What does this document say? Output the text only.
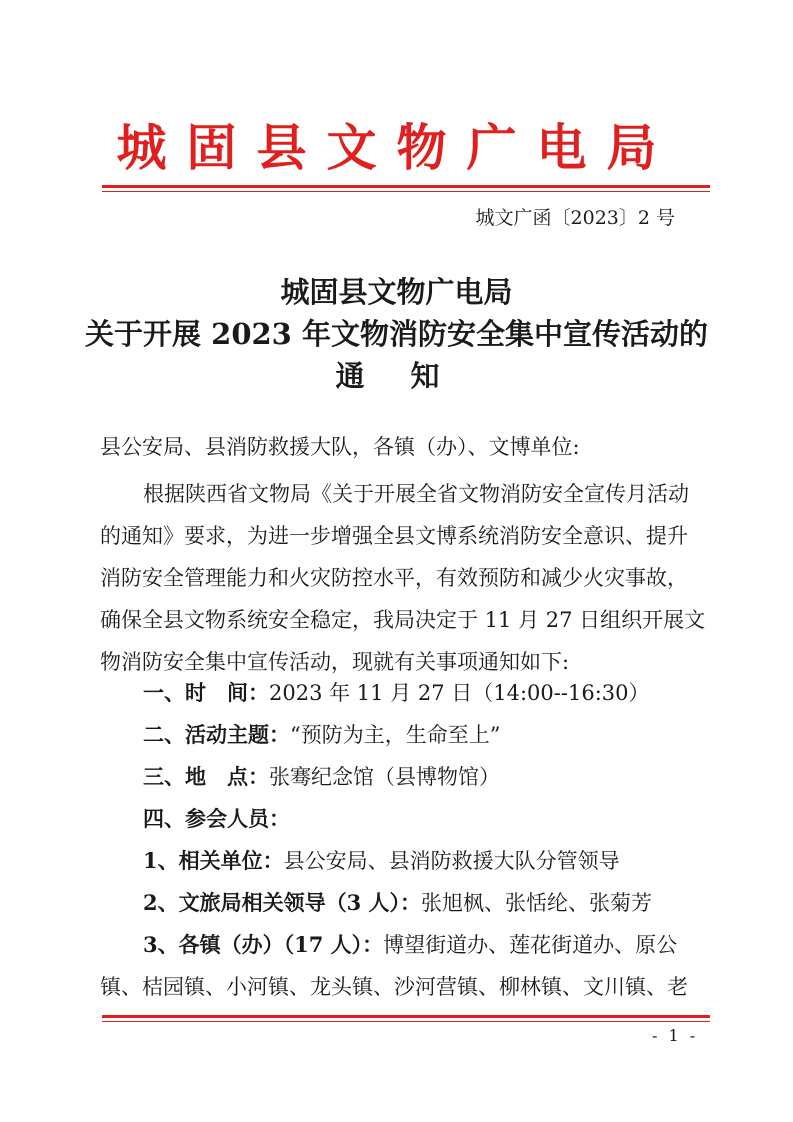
城固县文物广电局
城文广函〔2023〕2 号
城固县文物广电局
关于开展 2023 年文物消防安全集中宣传活动的
通 知
县公安局、县消防救援大队，各镇（办）、文博单位:
根据陕西省文物局《关于开展全省文物消防安全宣传月活动
的通知》要求，为进一步增强全县文博系统消防安全意识、提升
消防安全管理能力和火灾防控水平，有效预防和减少火灾事故，
确保全县文物系统安全稳定，我局决定于 11 月 27 日组织开展文
物消防安全集中宣传活动，现就有关事项通知如下:
一、时　间：2023 年 11 月 27 日（14:00--16:30）
二、活动主题：“预防为主，生命至上”
三、地　点：张骞纪念馆（县博物馆）
四、参会人员：
1、相关单位：县公安局、县消防救援大队分管领导
2、文旅局相关领导（3 人）：张旭枫、张恬纶、张菊芳
3、各镇（办）（17 人）：博望街道办、莲花街道办、原公
镇、桔园镇、小河镇、龙头镇、沙河营镇、柳林镇、文川镇、老
- 1 -
